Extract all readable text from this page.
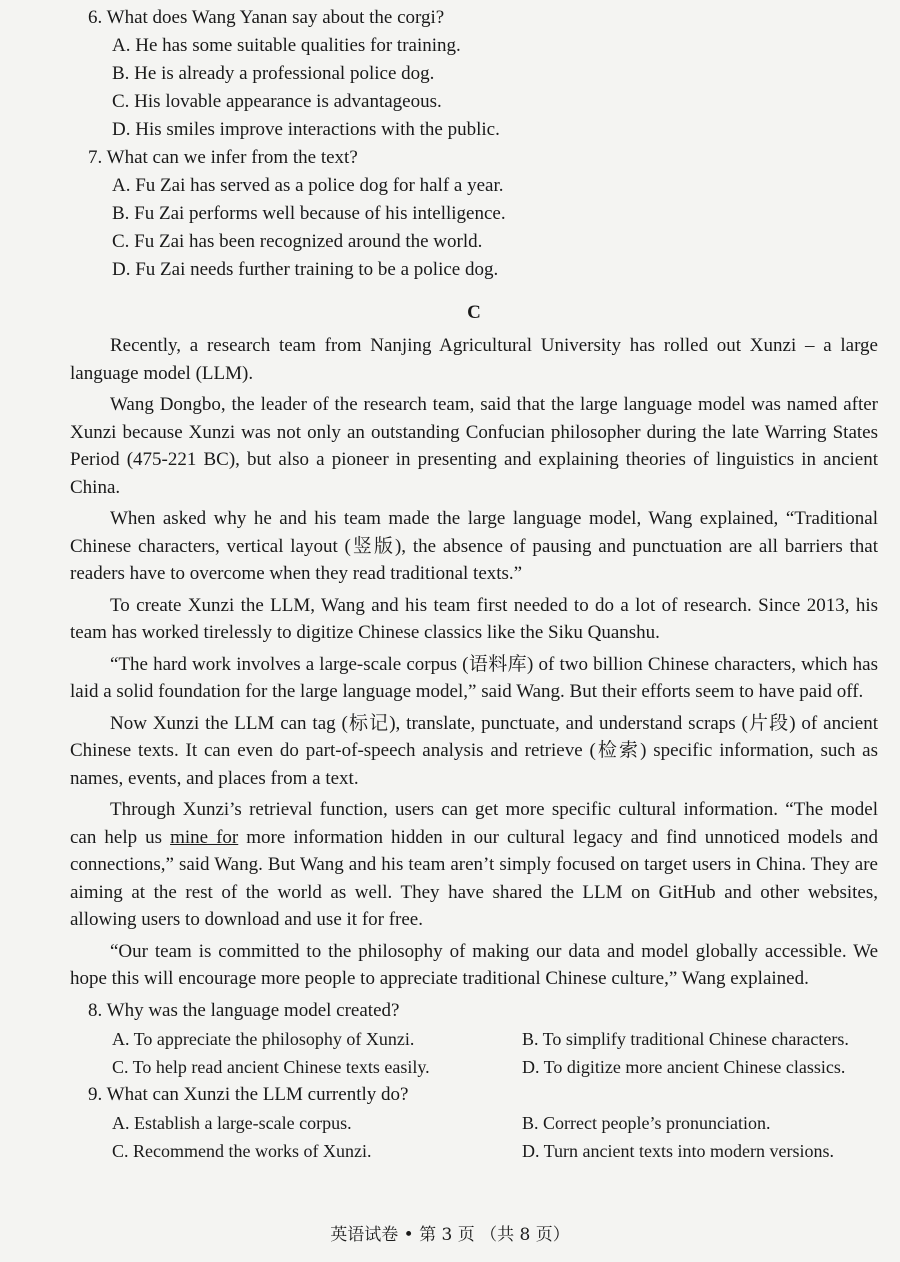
6. What does Wang Yanan say about the corgi?
A. He has some suitable qualities for training.
B. He is already a professional police dog.
C. His lovable appearance is advantageous.
D. His smiles improve interactions with the public.
7. What can we infer from the text?
A. Fu Zai has served as a police dog for half a year.
B. Fu Zai performs well because of his intelligence.
C. Fu Zai has been recognized around the world.
D. Fu Zai needs further training to be a police dog.
C

Recently, a research team from Nanjing Agricultural University has rolled out Xunzi – a large language model (LLM).

Wang Dongbo, the leader of the research team, said that the large language model was named after Xunzi because Xunzi was not only an outstanding Confucian philosopher during the late Warring States Period (475-221 BC), but also a pioneer in presenting and explaining theories of linguistics in ancient China.

When asked why he and his team made the large language model, Wang explained, “Traditional Chinese characters, vertical layout (竖版), the absence of pausing and punctuation are all barriers that readers have to overcome when they read traditional texts.”

To create Xunzi the LLM, Wang and his team first needed to do a lot of research. Since 2013, his team has worked tirelessly to digitize Chinese classics like the Siku Quanshu.

“The hard work involves a large-scale corpus (语料库) of two billion Chinese characters, which has laid a solid foundation for the large language model,” said Wang. But their efforts seem to have paid off.

Now Xunzi the LLM can tag (标记), translate, punctuate, and understand scraps (片段) of ancient Chinese texts. It can even do part-of-speech analysis and retrieve (检索) specific information, such as names, events, and places from a text.

Through Xunzi’s retrieval function, users can get more specific cultural information. “The model can help us mine for more information hidden in our cultural legacy and find unnoticed models and connections,” said Wang. But Wang and his team aren’t simply focused on target users in China. They are aiming at the rest of the world as well. They have shared the LLM on GitHub and other websites, allowing users to download and use it for free.

“Our team is committed to the philosophy of making our data and model globally accessible. We hope this will encourage more people to appreciate traditional Chinese culture,” Wang explained.

8. Why was the language model created?
A. To appreciate the philosophy of Xunzi.	B. To simplify traditional Chinese characters.
C. To help read ancient Chinese texts easily.	D. To digitize more ancient Chinese classics.
9. What can Xunzi the LLM currently do?
A. Establish a large-scale corpus.	B. Correct people’s pronunciation.
C. Recommend the works of Xunzi.	D. Turn ancient texts into modern versions.
英语试卷 • 第 3 页 （共 8 页）
